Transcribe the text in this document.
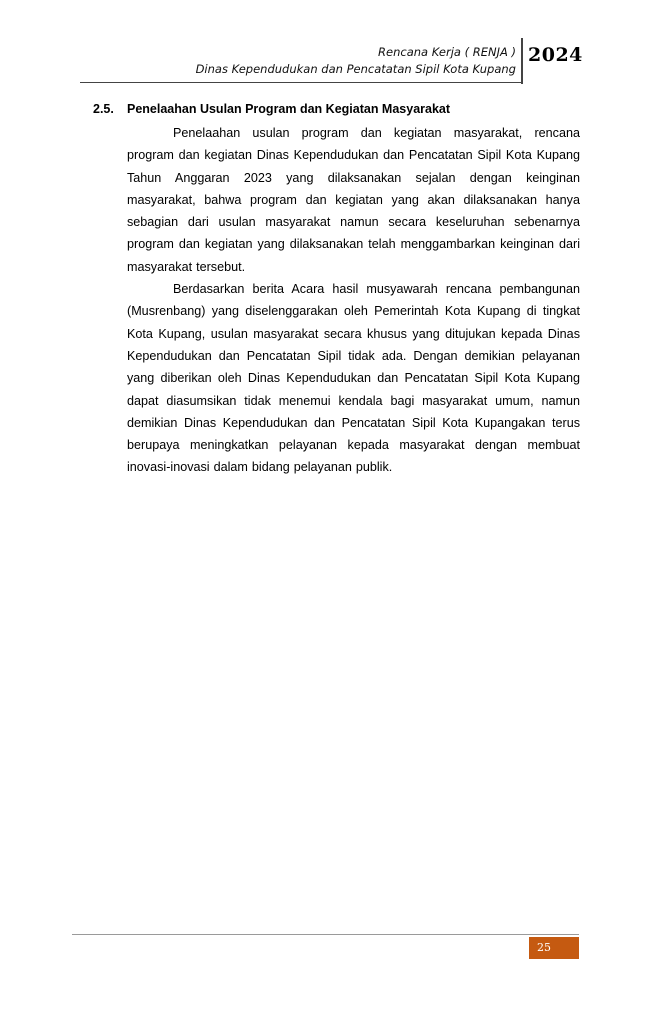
Rencana Kerja ( RENJA )
Dinas Kependudukan dan Pencatatan Sipil Kota Kupang
2024
2.5. Penelaahan Usulan Program dan Kegiatan Masyarakat

Penelaahan usulan program dan kegiatan masyarakat, rencana program dan kegiatan Dinas Kependudukan dan Pencatatan Sipil Kota Kupang Tahun Anggaran 2023 yang dilaksanakan sejalan dengan keinginan masyarakat, bahwa program dan kegiatan yang akan dilaksanakan hanya sebagian dari usulan masyarakat namun secara keseluruhan sebenarnya program dan kegiatan yang dilaksanakan telah menggambarkan keinginan dari masyarakat tersebut.

Berdasarkan berita Acara hasil musyawarah rencana pembangunan (Musrenbang) yang diselenggarakan oleh Pemerintah Kota Kupang di tingkat Kota Kupang, usulan masyarakat secara khusus yang ditujukan kepada Dinas Kependudukan dan Pencatatan Sipil tidak ada. Dengan demikian pelayanan yang diberikan oleh Dinas Kependudukan dan Pencatatan Sipil Kota Kupang dapat diasumsikan tidak menemui kendala bagi masyarakat umum, namun demikian Dinas Kependudukan dan Pencatatan Sipil Kota Kupangakan terus berupaya meningkatkan pelayanan kepada masyarakat dengan membuat inovasi-inovasi dalam bidang pelayanan publik.

25
